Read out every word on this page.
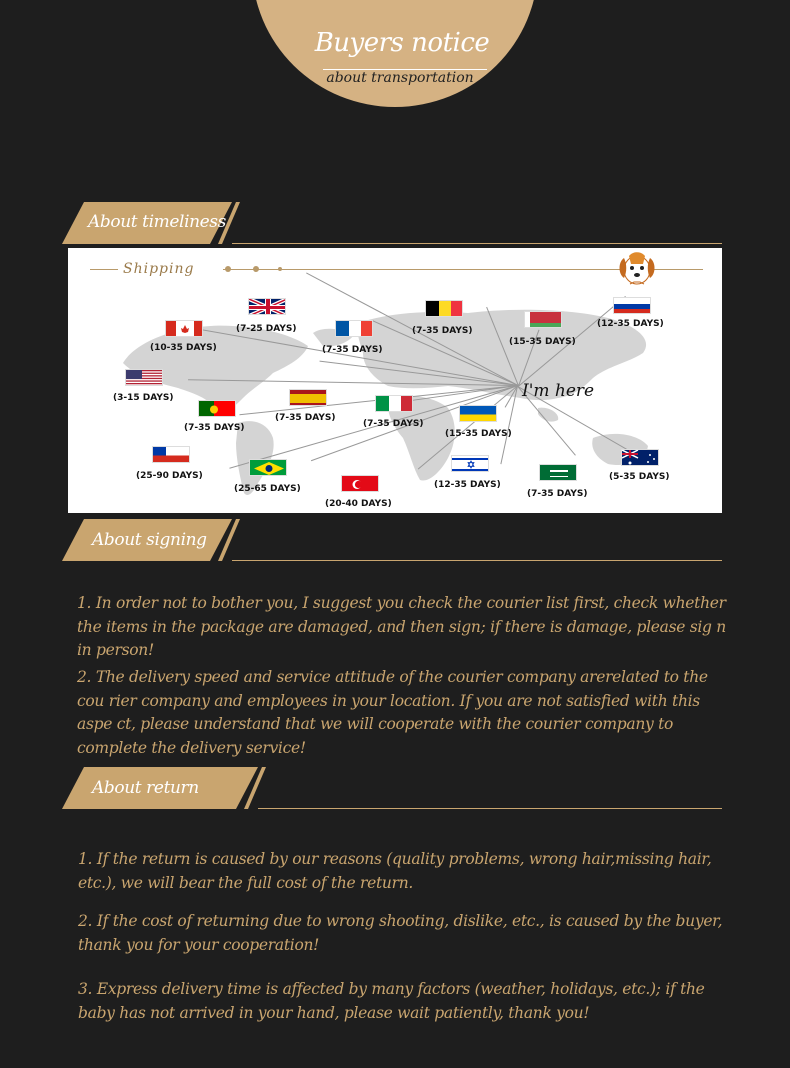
Buyers notice
about transportation
About timeliness
Shipping
I'm here
(10-35 DAYS)
(7-25 DAYS)
(7-35 DAYS)
(7-35 DAYS)
(15-35 DAYS)
(12-35 DAYS)
(3-15 DAYS)
(7-35 DAYS)
(7-35 DAYS)
(7-35 DAYS)
(15-35 DAYS)
(25-90 DAYS)
(25-65 DAYS)
(20-40 DAYS)
(12-35 DAYS)
(7-35 DAYS)
(5-35 DAYS)
About signing
1. In order not to bother you, I suggest you check the courier list first, check whether the items in the package are damaged, and then sign; if there is damage, please sig n in person!
2. The delivery speed and service attitude of the courier company arerelated to the cou rier company and employees in your location. If you are not satisfied with this aspe ct, please understand that we will cooperate with the courier company to complete the delivery service!
About return
1. If the return is caused by our reasons (quality problems, wrong hair,missing hair, etc.), we will bear the full cost of the return.
2. If the cost of returning due to wrong shooting, dislike, etc., is caused by the buyer, thank you for your cooperation!
3. Express delivery time is affected by many factors (weather, holidays, etc.); if the baby has not arrived in your hand, please wait patiently, thank you!
